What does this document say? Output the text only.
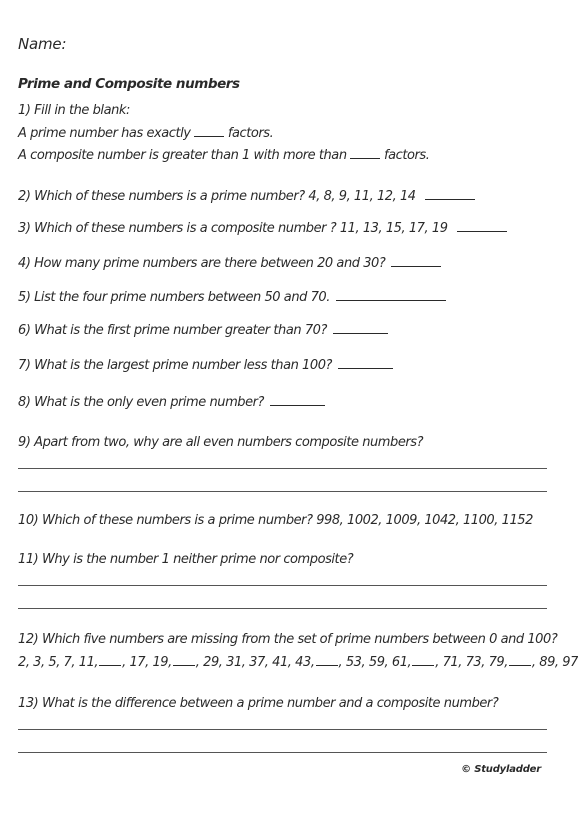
Name:
Prime and Composite numbers
1) Fill in the blank:
A prime number has exactly	factors.
A composite number is greater than 1 with more than	factors.
2) Which of these numbers is a prime number? 4, 8, 9, 11, 12, 14
3) Which of these numbers is a composite number ? 11, 13, 15, 17, 19
4) How many prime numbers are there between 20 and 30?
5) List the four prime numbers between 50 and 70.
6) What is the first prime number greater than 70?
7) What is the largest prime number less than 100?
8) What is the only even prime number?
9) Apart from two, why are all even numbers composite numbers?
10) Which of these numbers is a prime number? 998, 1002, 1009, 1042, 1100, 1152
11) Why is the number 1 neither prime nor composite?
12) Which five numbers are missing from the set of prime numbers between 0 and 100?
2, 3, 5, 7, 11, , 17, 19, , 29, 31, 37, 41, 43, , 53, 59, 61, , 71, 73, 79, , 89, 97
13) What is the difference between a prime number and a composite number?
© Studyladder
